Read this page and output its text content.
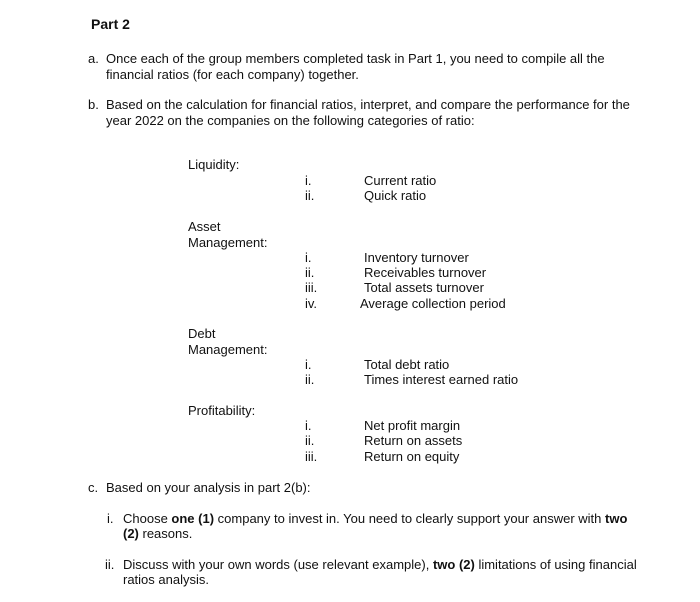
Part 2
a. Once each of the group members completed task in Part 1, you need to compile all the
financial ratios (for each company) together.
b. Based on the calculation for financial ratios, interpret, and compare the performance for the
year 2022 on the companies on the following categories of ratio:
Liquidity:
i.	Current ratio
ii.	Quick ratio
Asset
Management:
i.	Inventory turnover
ii.	Receivables turnover
iii.	Total assets turnover
iv.	Average collection period
Debt
Management:
i.	Total debt ratio
ii.	Times interest earned ratio
Profitability:
i.	Net profit margin
ii.	Return on assets
iii.	Return on equity
c. Based on your analysis in part 2(b):
i. Choose one (1) company to invest in. You need to clearly support your answer with two
(2) reasons.
ii. Discuss with your own words (use relevant example), two (2) limitations of using financial
ratios analysis.
